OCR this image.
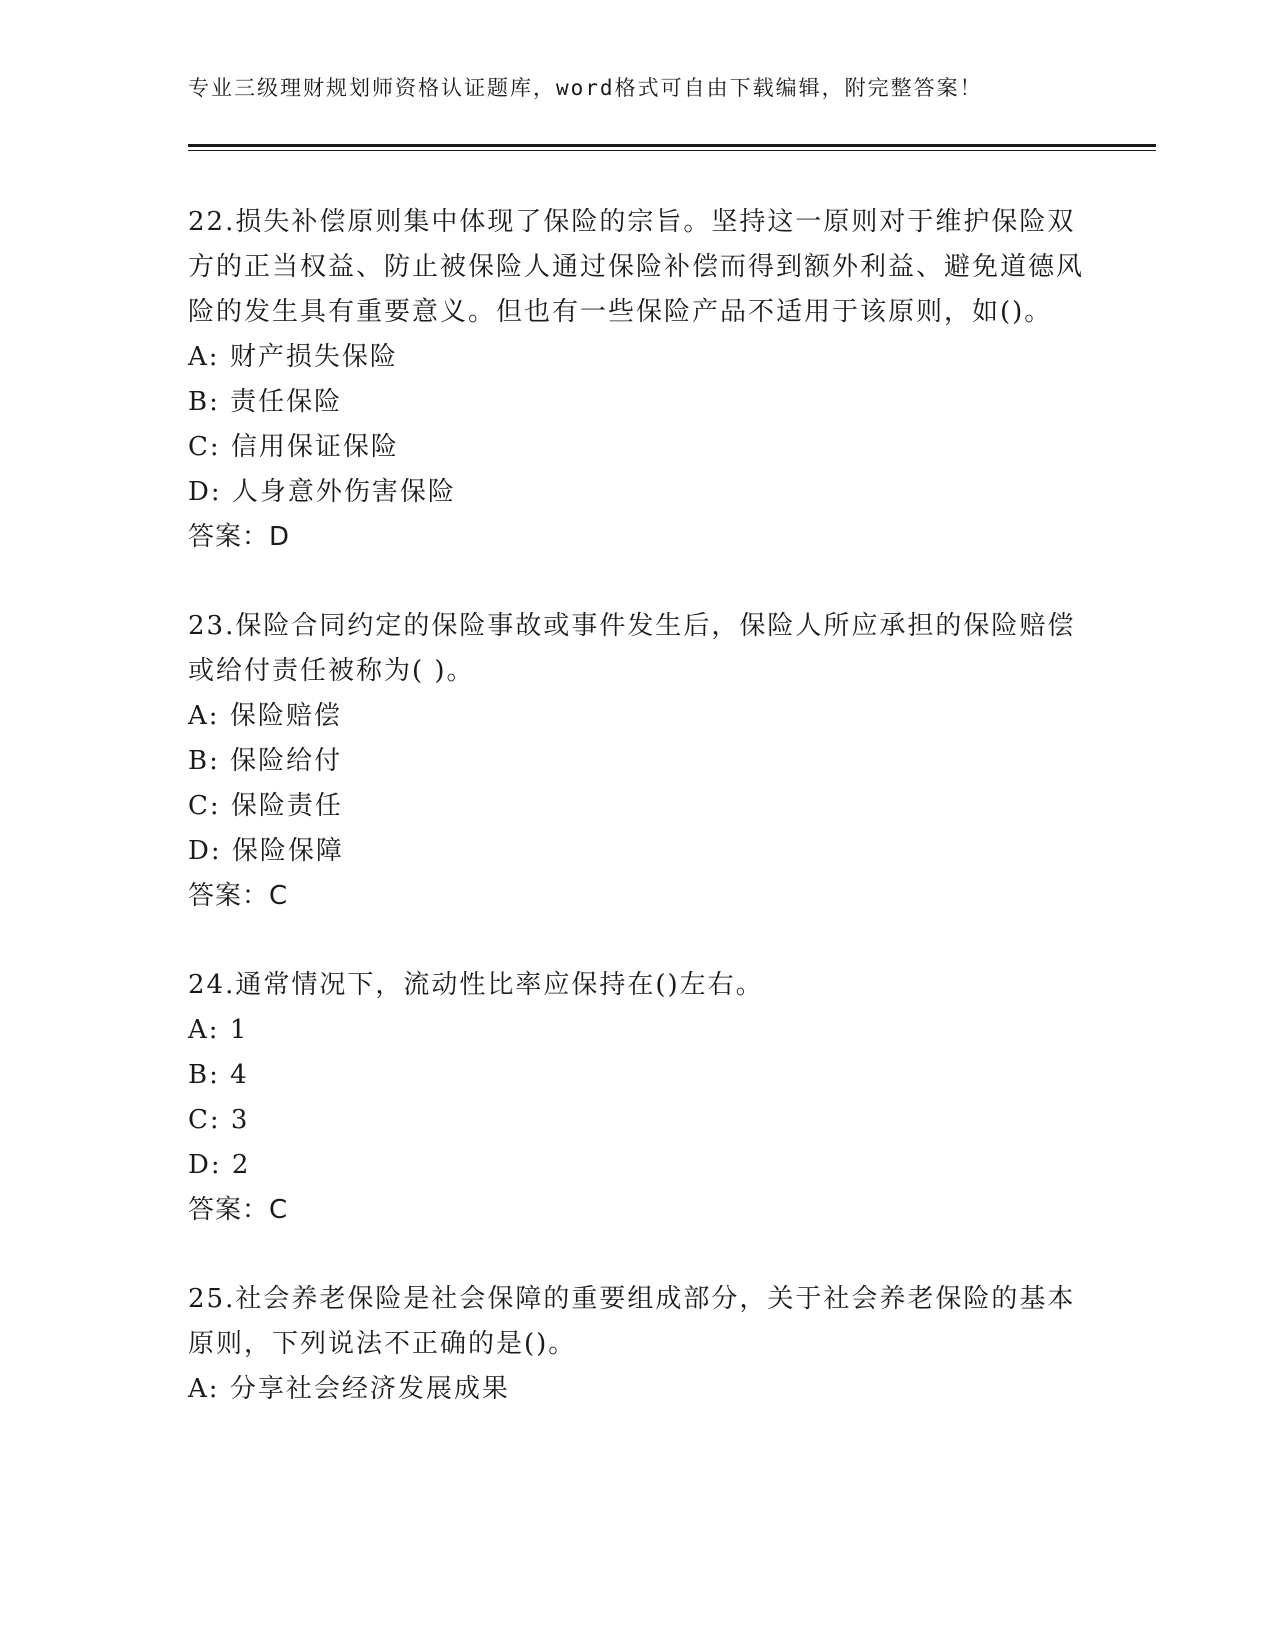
专业三级理财规划师资格认证题库，word格式可自由下载编辑，附完整答案！

22.损失补偿原则集中体现了保险的宗旨。坚持这一原则对于维护保险双方的正当权益、防止被保险人通过保险补偿而得到额外利益、避免道德风险的发生具有重要意义。但也有一些保险产品不适用于该原则，如()。

A: 财产损失保险

B: 责任保险

C: 信用保证保险

D: 人身意外伤害保险

答案：D

23.保险合同约定的保险事故或事件发生后，保险人所应承担的保险赔偿或给付责任被称为( )。

A: 保险赔偿

B: 保险给付

C: 保险责任

D: 保险保障

答案：C

24.通常情况下，流动性比率应保持在()左右。

A: 1

B: 4

C: 3

D: 2

答案：C

25.社会养老保险是社会保障的重要组成部分，关于社会养老保险的基本原则，下列说法不正确的是()。

A: 分享社会经济发展成果
